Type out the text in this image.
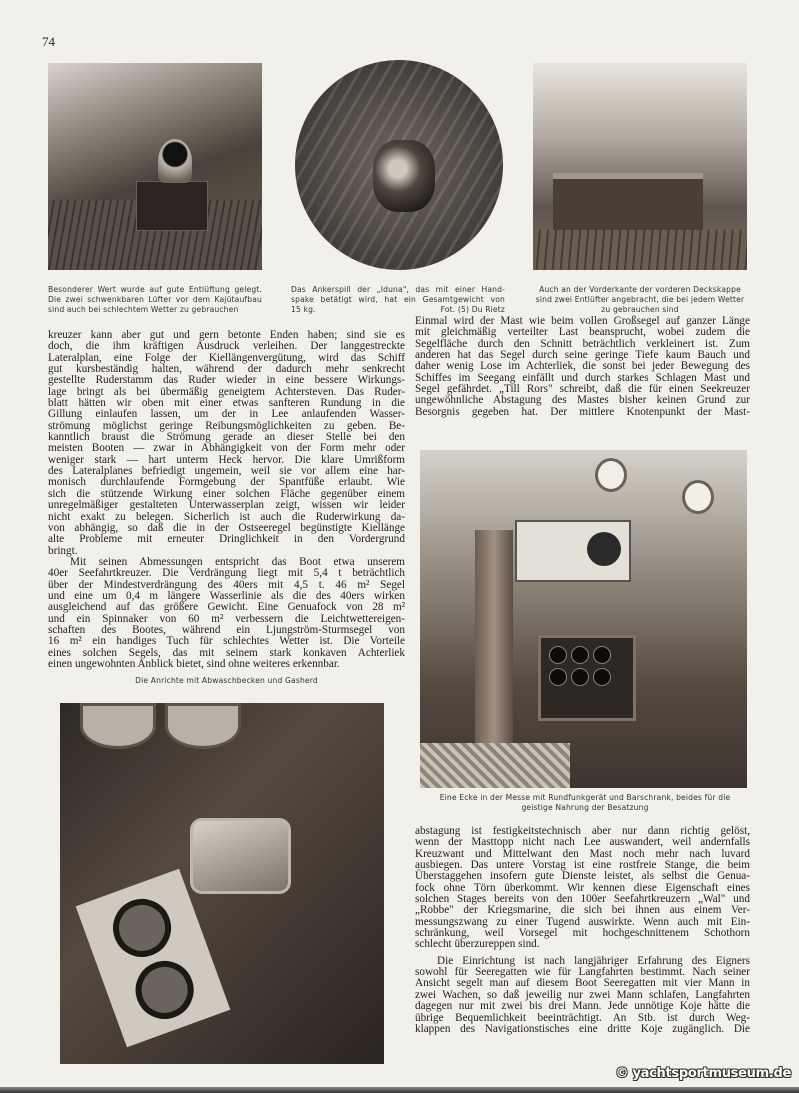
74
Besonderer Wert wurde auf gute Entlüftung gelegt.
Die zwei schwenkbaren Lüfter vor dem Kajütaufbau
sind auch bei schlechtem Wetter zu gebrauchen
Das Ankerspill der „Iduna", das mit einer Hand-
spake betätigt wird, hat ein Gesamtgewicht von
15 kg.	Fot. (5) Du Rietz
Auch an der Vorderkante der vorderen Deckskappe
sind zwei Entlüfter angebracht, die bei jedem Wetter
zu gebrauchen sind
Die Anrichte mit Abwaschbecken und Gasherd
Eine Ecke in der Messe mit Rundfunkgerät und Barschrank, beides für die
geistige Nahrung der Besatzung
kreuzer kann aber gut und gern betonte Enden haben; sind sie es
doch, die ihm kräftigen Ausdruck verleihen. Der langgestreckte
Lateralplan, eine Folge der Kiellängenvergütung, wird das Schiff
gut kursbeständig halten, während der dadurch mehr senkrecht
gestellte Ruderstamm das Ruder wieder in eine bessere Wirkungs-
lage bringt als bei übermäßig geneigtem Achtersteven. Das Ruder-
blatt hätten wir oben mit einer etwas sanfteren Rundung in die
Gillung einlaufen lassen, um der in Lee anlaufenden Wasser-
strömung möglichst geringe Reibungsmöglichkeiten zu geben. Be-
kanntlich braust die Strömung gerade an dieser Stelle bei den
meisten Booten — zwar in Abhängigkeit von der Form mehr oder
weniger stark — hart unterm Heck hervor. Die klare Umrißform
des Lateralplanes befriedigt ungemein, weil sie vor allem eine har-
monisch durchlaufende Formgebung der Spantfüße erlaubt. Wie
sich die stützende Wirkung einer solchen Fläche gegenüber einem
unregelmäßiger gestalteten Unterwasserplan zeigt, wissen wir leider
nicht exakt zu belegen. Sicherlich ist auch die Ruderwirkung da-
von abhängig, so daß die in der Ostseeregel begünstigte Kiellänge
alte Probleme mit erneuter Dringlichkeit in den Vordergrund
bringt.
Mit seinen Abmessungen entspricht das Boot etwa unserem
40er Seefahrtkreuzer. Die Verdrängung liegt mit 5,4 t beträchtlich
über der Mindestverdrängung des 40ers mit 4,5 t. 46 m² Segel
und eine um 0,4 m längere Wasserlinie als die des 40ers wirken
ausgleichend auf das größere Gewicht. Eine Genuafock von 28 m²
und ein Spinnaker von 60 m² verbessern die Leichtwettereigen-
schaften des Bootes, während ein Ljungström-Sturmsegel von
16 m² ein handiges Tuch für schlechtes Wetter ist. Die Vorteile
eines solchen Segels, das mit seinem stark konkaven Achterliek
einen ungewohnten Anblick bietet, sind ohne weiteres erkennbar.
Einmal wird der Mast wie beim vollen Großsegel auf ganzer Länge
mit gleichmäßig verteilter Last beansprucht, wobei zudem die
Segelfläche durch den Schnitt beträchtlich verkleinert ist. Zum
anderen hat das Segel durch seine geringe Tiefe kaum Bauch und
daher wenig Lose im Achterliek, die sonst bei jeder Bewegung des
Schiffes im Seegang einfällt und durch starkes Schlagen Mast und
Segel gefährdet. „Till Rors" schreibt, daß die für einen Seekreuzer
ungewöhnliche Abstagung des Mastes bisher keinen Grund zur
Besorgnis gegeben hat. Der mittlere Knotenpunkt der Mast-
abstagung ist festigkeitstechnisch aber nur dann richtig gelöst,
wenn der Masttopp nicht nach Lee auswandert, weil andernfalls
Kreuzwant und Mittelwant den Mast noch mehr nach luvard
ausbiegen. Das untere Vorstag ist eine rostfreie Stange, die beim
Überstaggehen insofern gute Dienste leistet, als selbst die Genua-
fock ohne Törn überkommt. Wir kennen diese Eigenschaft eines
solchen Stages bereits von den 100er Seefahrtkreuzern „Wal" und
„Robbe" der Kriegsmarine, die sich bei ihnen aus einem Ver-
messungszwang zu einer Tugend auswirkte. Wenn auch mit Ein-
schränkung, weil Vorsegel mit hochgeschnittenem Schothorn
schlecht überzureppen sind.
Die Einrichtung ist nach langjähriger Erfahrung des Eigners
sowohl für Seeregatten wie für Langfahrten bestimmt. Nach seiner
Ansicht segelt man auf diesem Boot Seeregatten mit vier Mann in
zwei Wachen, so daß jeweilig nur zwei Mann schlafen, Langfahrten
dagegen nur mit zwei bis drei Mann. Jede unnötige Koje hätte die
übrige Bequemlichkeit beeinträchtigt. An Stb. ist durch Weg-
klappen des Navigationstisches eine dritte Koje zugänglich. Die
© yachtsportmuseum.de
